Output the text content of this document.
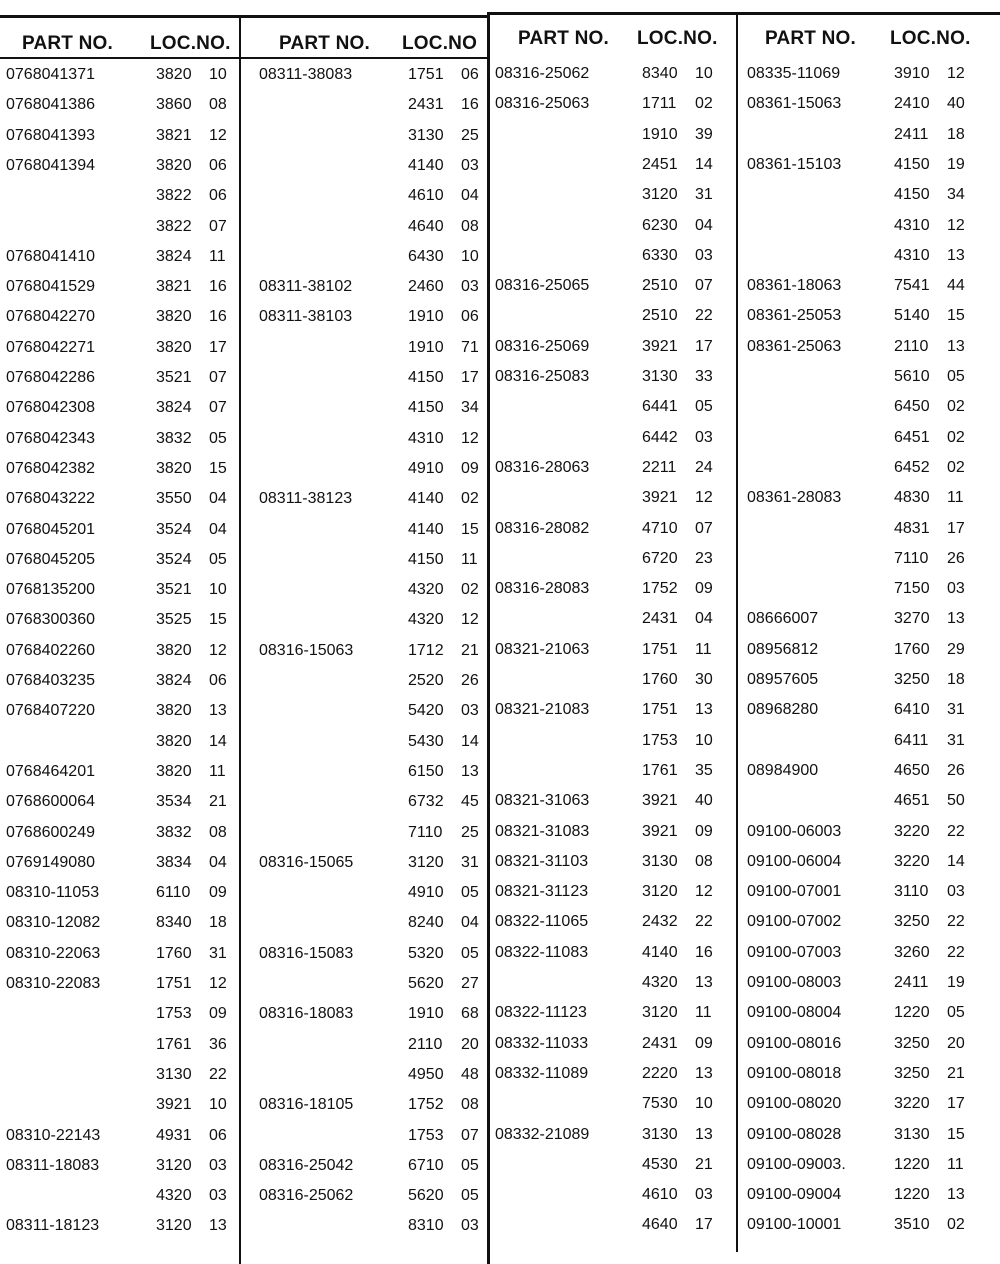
PART NO. LOC.NO.
0768041371	3820 10
0768041386	3860 08
0768041393	3821 12
0768041394	3820 06
3822 06
3822 07
0768041410	3824 11
0768041529	3821 16
0768042270	3820 16
0768042271	3820 17
0768042286	3521 07
0768042308	3824 07
0768042343	3832 05
0768042382	3820 15
0768043222	3550 04
0768045201	3524 04
0768045205	3524 05
0768135200	3521 10
0768300360	3525 15
0768402260	3820 12
0768403235	3824 06
0768407220	3820 13
3820 14
0768464201	3820 11
0768600064	3534 21
0768600249	3832 08
0769149080	3834 04
08310-11053	6110 09
08310-12082	8340 18
08310-22063	1760 31
08310-22083	1751 12
1753 09
1761 36
3130 22
3921 10
08310-22143	4931 06
08311-18083	3120 03
4320 03
08311-18123	3120 13
PART NO. LOC.NO
08311-38083	1751 06
2431 16
3130 25
4140 03
4610 04
4640 08
6430 10
08311-38102	2460 03
08311-38103	1910 06
1910 71
4150 17
4150 34
4310 12
4910 09
08311-38123	4140 02
4140 15
4150 11
4320 02
4320 12
08316-15063	1712 21
2520 26
5420 03
5430 14
6150 13
6732 45
7110 25
08316-15065	3120 31
4910 05
8240 04
08316-15083	5320 05
5620 27
08316-18083	1910 68
2110 20
4950 48
08316-18105	1752 08
1753 07
08316-25042	6710 05
08316-25062	5620 05
8310 03
PART NO. LOC.NO.
08316-25062	8340 10
08316-25063	1711 02
1910 39
2451 14
3120 31
6230 04
6330 03
08316-25065	2510 07
2510 22
08316-25069	3921 17
08316-25083	3130 33
6441 05
6442 03
08316-28063	2211 24
3921 12
08316-28082	4710 07
6720 23
08316-28083	1752 09
2431 04
08321-21063	1751 11
1760 30
08321-21083	1751 13
1753 10
1761 35
08321-31063	3921 40
08321-31083	3921 09
08321-31103	3130 08
08321-31123	3120 12
08322-11065	2432 22
08322-11083	4140 16
4320 13
08322-11123	3120 11
08332-11033	2431 09
08332-11089	2220 13
7530 10
08332-21089	3130 13
4530 21
4610 03
4640 17
PART NO. LOC.NO.
08335-11069	3910 12
08361-15063	2410 40
2411 18
08361-15103	4150 19
4150 34
4310 12
4310 13
08361-18063	7541 44
08361-25053	5140 15
08361-25063	2110 13
5610 05
6450 02
6451 02
6452 02
08361-28083	4830 11
4831 17
7110 26
7150 03
08666007	3270 13
08956812	1760 29
08957605	3250 18
08968280	6410 31
6411 31
08984900	4650 26
4651 50
09100-06003	3220 22
09100-06004	3220 14
09100-07001	3110 03
09100-07002	3250 22
09100-07003	3260 22
09100-08003	2411 19
09100-08004	1220 05
09100-08016	3250 20
09100-08018	3250 21
09100-08020	3220 17
09100-08028	3130 15
09100-09003.	1220 11
09100-09004	1220 13
09100-10001	3510 02
